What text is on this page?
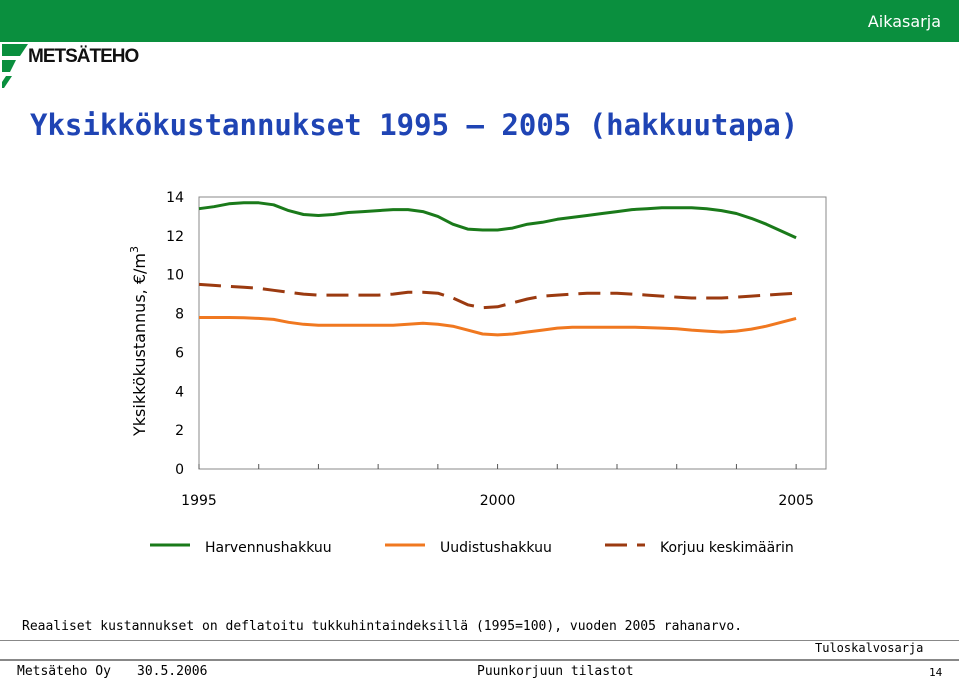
Aikasarja
METSÄTEHO
Yksikkökustannukset 1995 — 2005 (hakkuutapa)
0
2
4
6
8
10
12
14
1995	2000	2005
Harvennushakkuu	Uudistushakkuu	Korjuu keskimäärin
Yksikkökustannus, $€/m^3$
Reaaliset kustannukset on deflatoitu tukkuhintaindeksillä (1995=100), vuoden 2005 rahanarvo.
Tuloskalvosarja
Metsäteho Oy 30.5.2006	Puunkorjuun tilastot	14
